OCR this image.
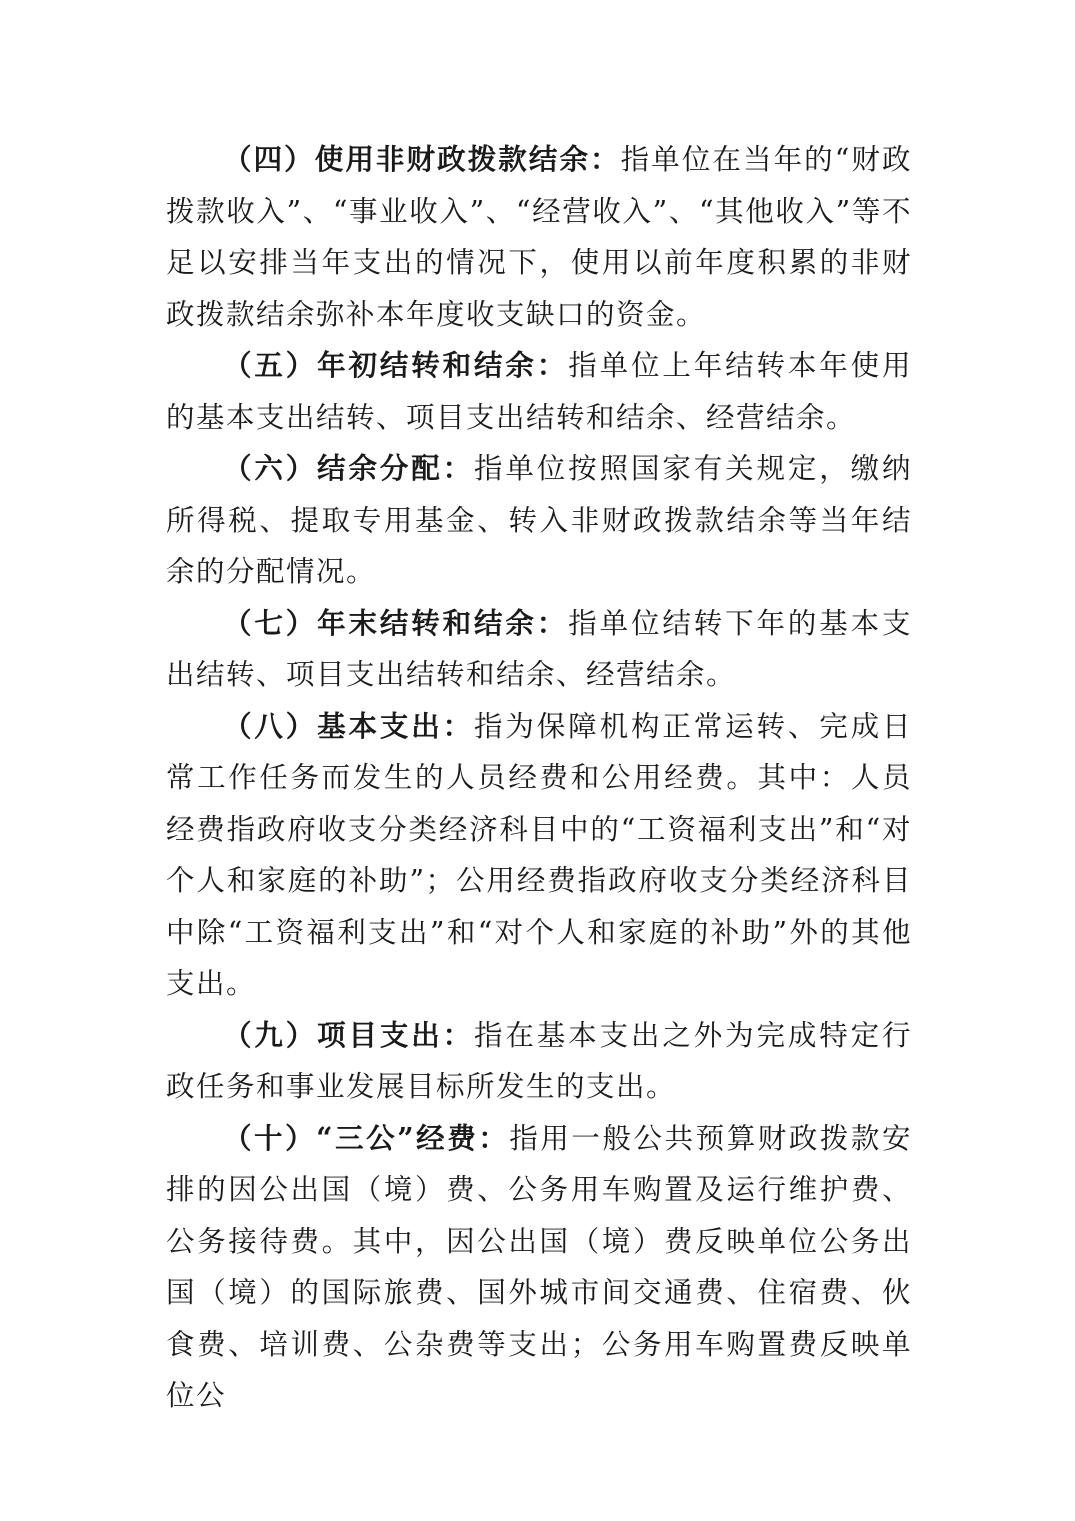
（四）使用非财政拨款结余：指单位在当年的“财政拨款收入”、“事业收入”、“经营收入”、“其他收入”等不足以安排当年支出的情况下，使用以前年度积累的非财政拨款结余弥补本年度收支缺口的资金。

（五）年初结转和结余：指单位上年结转本年使用的基本支出结转、项目支出结转和结余、经营结余。

（六）结余分配：指单位按照国家有关规定，缴纳所得税、提取专用基金、转入非财政拨款结余等当年结余的分配情况。

（七）年末结转和结余：指单位结转下年的基本支出结转、项目支出结转和结余、经营结余。

（八）基本支出：指为保障机构正常运转、完成日常工作任务而发生的人员经费和公用经费。其中：人员经费指政府收支分类经济科目中的“工资福利支出”和“对个人和家庭的补助”；公用经费指政府收支分类经济科目中除“工资福利支出”和“对个人和家庭的补助”外的其他支出。

（九）项目支出：指在基本支出之外为完成特定行政任务和事业发展目标所发生的支出。

（十）“三公”经费：指用一般公共预算财政拨款安排的因公出国（境）费、公务用车购置及运行维护费、公务接待费。其中，因公出国（境）费反映单位公务出国（境）的国际旅费、国外城市间交通费、住宿费、伙食费、培训费、公杂费等支出；公务用车购置费反映单位公
